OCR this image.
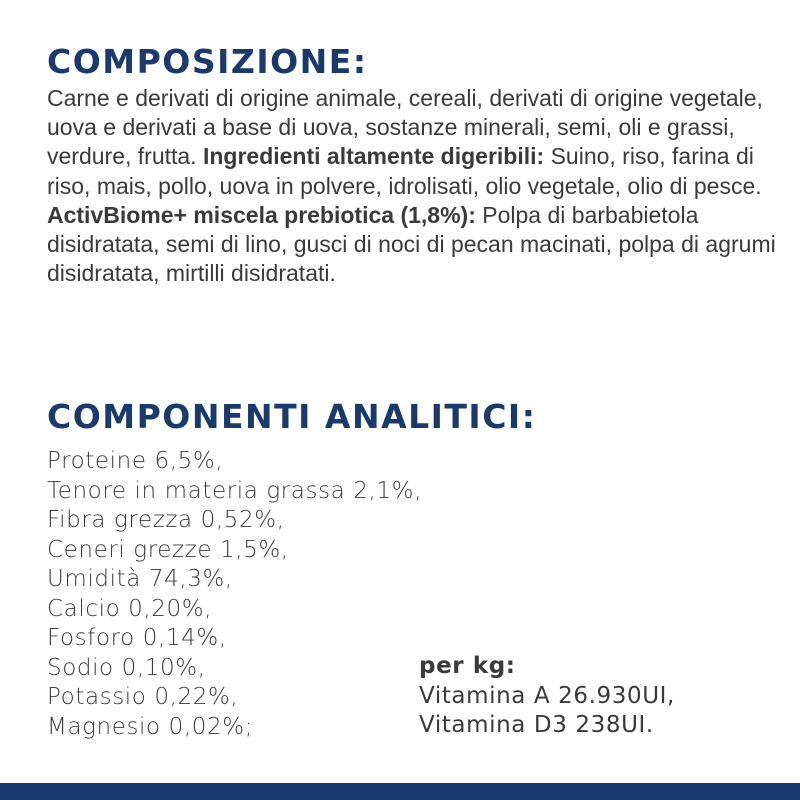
COMPOSIZIONE:

Carne e derivati di origine animale, cereali, derivati di origine vegetale, uova e derivati a base di uova, sostanze minerali, semi, oli e grassi, verdure, frutta. Ingredienti altamente digeribili: Suino, riso, farina di riso, mais, pollo, uova in polvere, idrolisati, olio vegetale, olio di pesce. ActivBiome+ miscela prebiotica (1,8%): Polpa di barbabietola disidratata, semi di lino, gusci di noci di pecan macinati, polpa di agrumi disidratata, mirtilli disidratati.

COMPONENTI ANALITICI:
Proteine 6,5%,
Tenore in materia grassa 2,1%,
Fibra grezza 0,52%,
Ceneri grezze 1,5%,
Umidità 74,3%,
Calcio 0,20%,
Fosforo 0,14%,
Sodio 0,10%,
Potassio 0,22%,
Magnesio 0,02%;
per kg:
Vitamina A 26.930UI,
Vitamina D3 238UI.
